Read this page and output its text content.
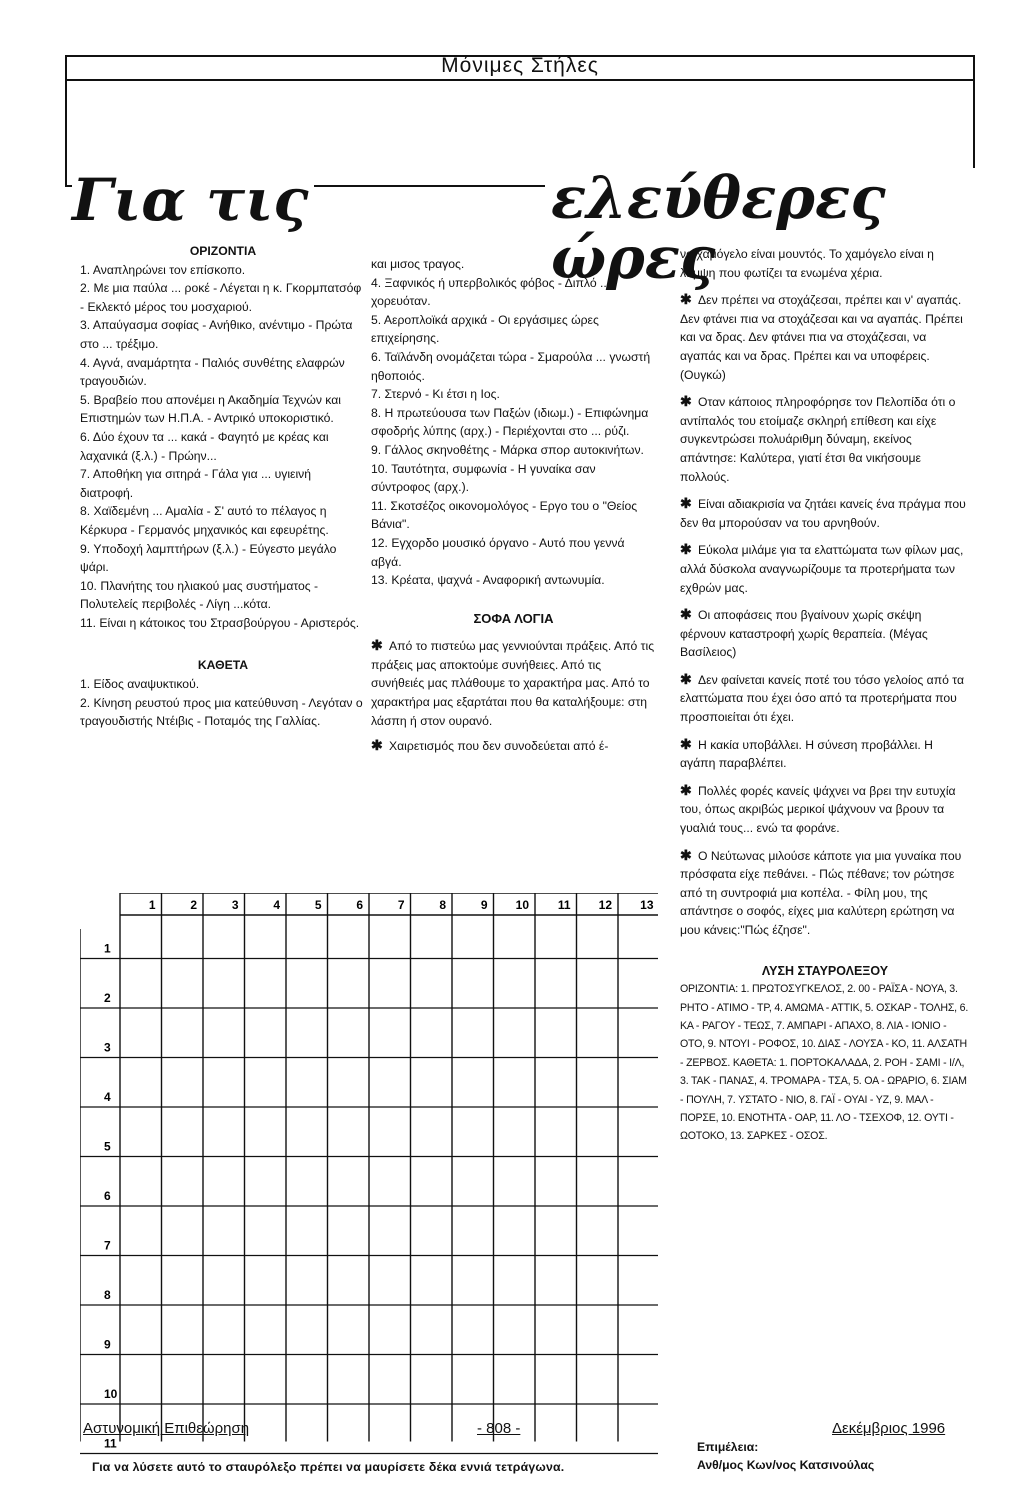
Μόνιμες Στήλες
Για τις	ελεύθερες ώρες

ΟΡΙΖΟΝΤΙΑ

1. Αναπληρώνει τον επίσκοπο.

2. Με μια παύλα ... ροκέ - Λέγεται η κ. Γκορμπατσόφ - Εκλεκτό μέρος του μοσχαριού.

3. Απαύγασμα σοφίας - Ανήθικο, ανέντιμο - Πρώτα στο ... τρέξιμο.

4. Αγνά, αναμάρτητα - Παλιός συνθέτης ελαφρών τραγουδιών.

5. Βραβείο που απονέμει η Ακαδημία Τεχνών και Επιστημών των Η.Π.Α. - Αντρικό υποκοριστικό.

6. Δύο έχουν τα ... κακά - Φαγητό με κρέας και λαχανικά (ξ.λ.) - Πρώην...

7. Αποθήκη για σιτηρά - Γάλα για ... υγιεινή διατροφή.

8. Χαϊδεμένη ... Αμαλία - Σ' αυτό το πέλαγος η Κέρκυρα - Γερμανός μηχανικός και εφευρέτης.

9. Υποδοχή λαμπτήρων (ξ.λ.) - Εύγεστο μεγάλο ψάρι.

10. Πλανήτης του ηλιακού μας συστήματος - Πολυτελείς περιβολές - Λίγη ...κότα.

11. Είναι η κάτοικος του Στρασβούργου - Αριστερός.

ΚΑΘΕΤΑ

1. Είδος αναψυκτικού.

2. Κίνηση ρευστού προς μια κατεύθυνση - Λεγόταν ο τραγουδιστής Ντέιβις - Ποταμός της Γαλλίας.

και μισος τραγος.

4. Ξαφνικός ή υπερβολικός φόβος - Διπλό ... χορευόταν.

5. Αεροπλοϊκά αρχικά - Οι εργάσιμες ώρες επιχείρησης.

6. Ταϊλάνδη ονομάζεται τώρα - Σμαρούλα ... γνωστή ηθοποιός.

7. Στερνό - Κι έτσι η Ιος.

8. Η πρωτεύουσα των Παξών (ιδιωμ.) - Επιφώνημα σφοδρής λύπης (αρχ.) - Περιέχονται στο ... ρύζι.

9. Γάλλος σκηνοθέτης - Μάρκα σπορ αυτοκινήτων.

10. Ταυτότητα, συμφωνία - Η γυναίκα σαν σύντροφος (αρχ.).

11. Σκοτσέζος οικονομολόγος - Εργο του ο "Θείος Βάνια".

12. Εγχορδο μουσικό όργανο - Αυτό που γεννά αβγά.

13. Κρέατα, ψαχνά - Αναφορική αντωνυμία.

ΣΟΦΑ ΛΟΓΙΑ

✱ Από το πιστεύω μας γεννιούνται πράξεις. Από τις πράξεις μας αποκτούμε συνήθειες. Από τις συνήθειές μας πλάθουμε το χαρακτήρα μας. Από το χαρακτήρα μας εξαρτάται που θα καταλήξουμε: στη λάσπη ή στον ουρανό.

✱ Χαιρετισμός που δεν συνοδεύεται από έ-

να χαμόγελο είναι μουντός. Το χαμόγελο είναι η λάμψη που φωτίζει τα ενωμένα χέρια.

✱ Δεν πρέπει να στοχάζεσαι, πρέπει και ν' αγαπάς. Δεν φτάνει πια να στοχάζεσαι και να αγαπάς. Πρέπει και να δρας. Δεν φτάνει πια να στοχάζεσαι, να αγαπάς και να δρας. Πρέπει και να υποφέρεις. (Ουγκώ)

✱ Οταν κάποιος πληροφόρησε τον Πελοπίδα ότι ο αντίπαλός του ετοίμαζε σκληρή επίθεση και είχε συγκεντρώσει πολυάριθμη δύναμη, εκείνος απάντησε: Καλύτερα, γιατί έτσι θα νικήσουμε πολλούς.

✱ Είναι αδιακρισία να ζητάει κανείς ένα πράγμα που δεν θα μπορούσαν να του αρνηθούν.

✱ Εύκολα μιλάμε για τα ελαττώματα των φίλων μας, αλλά δύσκολα αναγνωρίζουμε τα προτερήματα των εχθρών μας.

✱ Οι αποφάσεις που βγαίνουν χωρίς σκέψη φέρνουν καταστροφή χωρίς θεραπεία. (Μέγας Βασίλειος)

✱ Δεν φαίνεται κανείς ποτέ του τόσο γελοίος από τα ελαττώματα που έχει όσο από τα προτερήματα που προσποιείται ότι έχει.

✱ Η κακία υποβάλλει. Η σύνεση προβάλλει. Η αγάπη παραβλέπει.

✱ Πολλές φορές κανείς ψάχνει να βρει την ευτυχία του, όπως ακριβώς μερικοί ψάχνουν να βρουν τα γυαλιά τους... ενώ τα φοράνε.

✱ Ο Νεύτωνας μιλούσε κάποτε για μια γυναίκα που πρόσφατα είχε πεθάνει. - Πώς πέθανε; τον ρώτησε από τη συντροφιά μια κοπέλα. - Φίλη μου, της απάντησε ο σοφός, είχες μια καλύτερη ερώτηση να μου κάνεις:"Πώς έζησε".

ΛΥΣΗ ΣΤΑΥΡΟΛΕΞΟΥ

ΟΡΙΖΟΝΤΙΑ: 1. ΠΡΩΤΟΣΥΓΚΕΛΟΣ, 2. 00 - ΡΑΪΣΑ - ΝΟΥΑ, 3. ΡΗΤΟ - ΑΤΙΜΟ - ΤΡ, 4. ΑΜΩΜΑ - ΑΤΤΙΚ, 5. ΟΣΚΑΡ - ΤΟΛΗΣ, 6. ΚΑ - ΡΑΓΟΥ - ΤΕΩΣ, 7. ΑΜΠΑΡΙ - ΑΠΑΧΟ, 8. ΛΙΑ - ΙΟΝΙΟ - ΟΤΟ, 9. ΝΤΟΥΙ - ΡΟΦΟΣ, 10. ΔΙΑΣ - ΛΟΥΣΑ - ΚΟ, 11. ΑΛΣΑΤΗ - ΖΕΡΒΟΣ. ΚΑΘΕΤΑ: 1. ΠΟΡΤΟΚΑΛΑΔΑ, 2. ΡΟΗ - ΣΑΜΙ - Ι/Λ, 3. ΤΑΚ - ΠΑΝΑΣ, 4. ΤΡΟΜΑΡΑ - ΤΣΑ, 5. ΟΑ - ΩΡΑΡΙΟ, 6. ΣΙΑΜ - ΠΟΥΛΗ, 7. ΥΣΤΑΤΟ - ΝΙΟ, 8. ΓΑΪ - ΟΥΑΙ - ΥΖ, 9. ΜΑΛ - ΠΟΡΣΕ, 10. ΕΝΟΤΗΤΑ - ΟΑΡ, 11. ΛΟ - ΤΣΕΧΟΦ, 12. ΟΥΤΙ - ΩΟΤΟΚΟ, 13. ΣΑΡΚΕΣ - ΟΣΟΣ.

1	2	3	4	5	6	7	8	9 10 11 12 13
1
2
3
4
5
6
7
8
9
10
11
Για να λύσετε αυτό το σταυρόλεξο πρέπει να μαυρίσετε δέκα εννιά τετράγωνα.
Επιμέλεια:
Ανθ/μος Κων/νος Κατσινούλας
Αστυνομική Επιθεώρηση	- 808 -	Δεκέμβριος 1996
